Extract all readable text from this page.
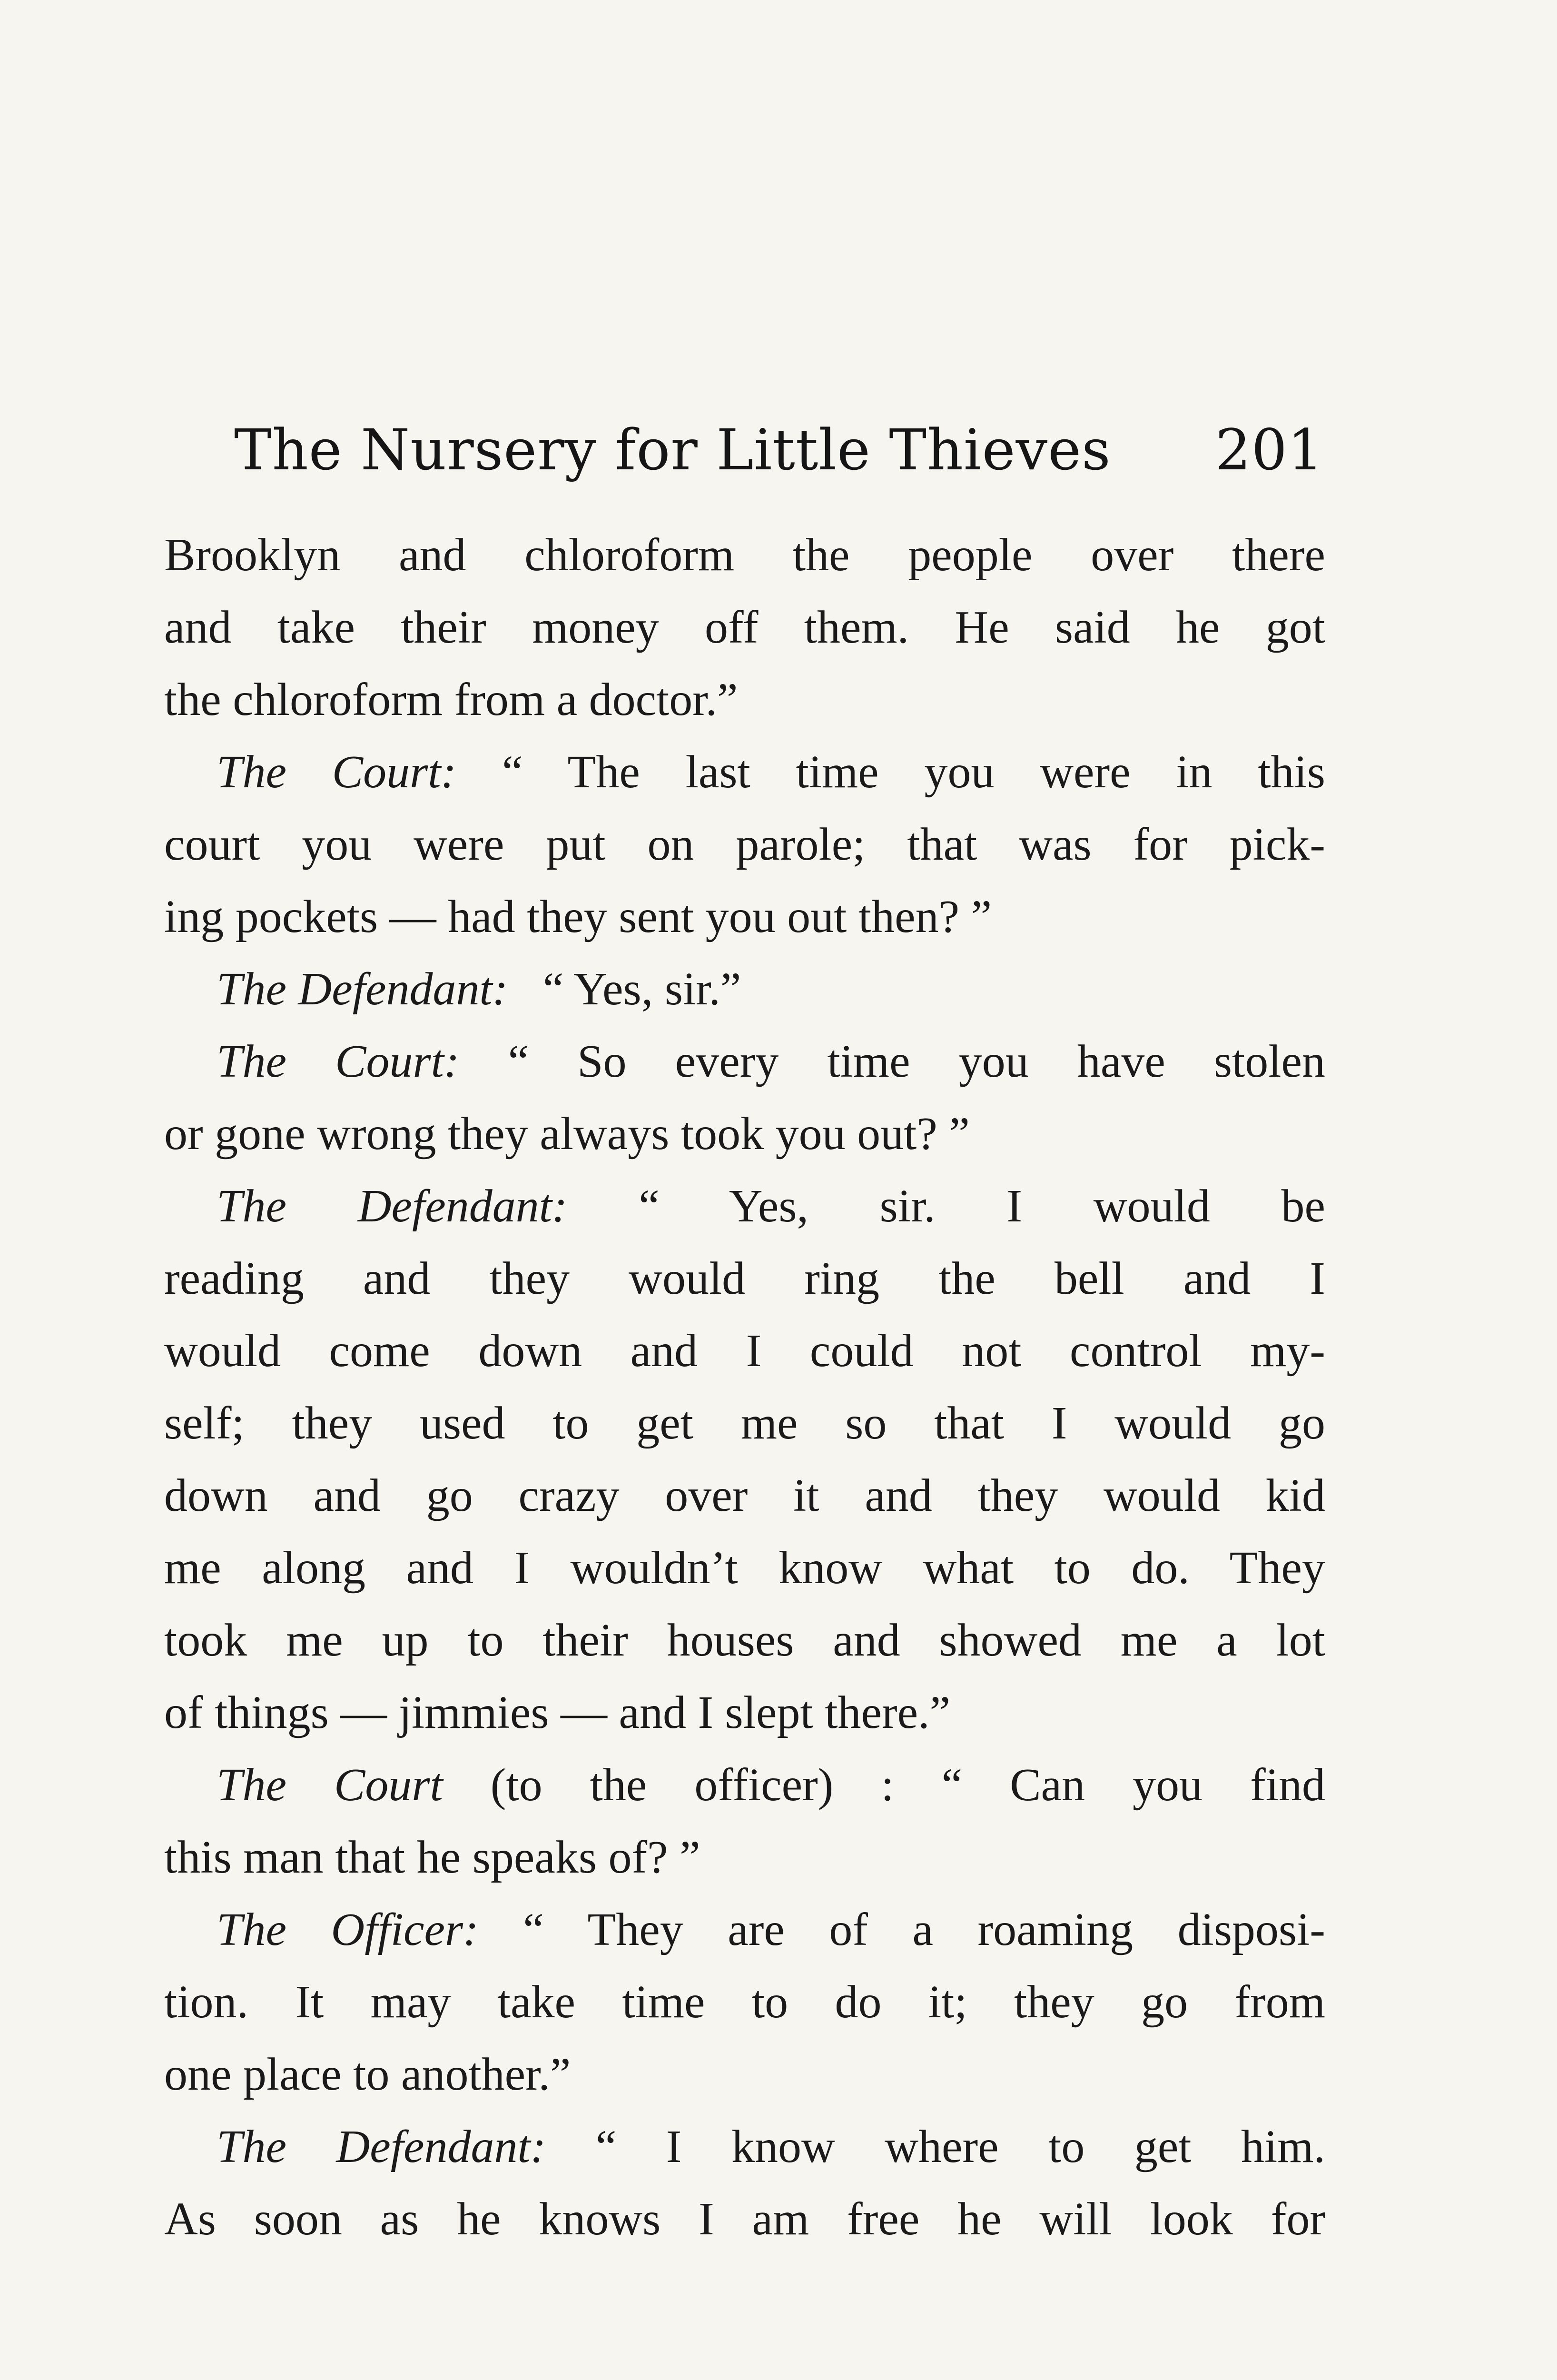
The Nursery for Little Thieves 201
Brooklyn and chloroform the people over there
and take their money off them. He said he got
the chloroform from a doctor.”
The Court: “ The last time you were in this
court you were put on parole; that was for pick-
ing pockets — had they sent you out then? ”
The Defendant: “ Yes, sir.”
The Court: “ So every time you have stolen
or gone wrong they always took you out? ”
The Defendant: “ Yes, sir. I would be
reading and they would ring the bell and I
would come down and I could not control my-
self; they used to get me so that I would go
down and go crazy over it and they would kid
me along and I wouldn’t know what to do. They
took me up to their houses and showed me a lot
of things — jimmies — and I slept there.”
The Court (to the officer) : “ Can you find
this man that he speaks of? ”
The Officer: “ They are of a roaming disposi-
tion. It may take time to do it; they go from
one place to another.”
The Defendant: “ I know where to get him.
As soon as he knows I am free he will look for
